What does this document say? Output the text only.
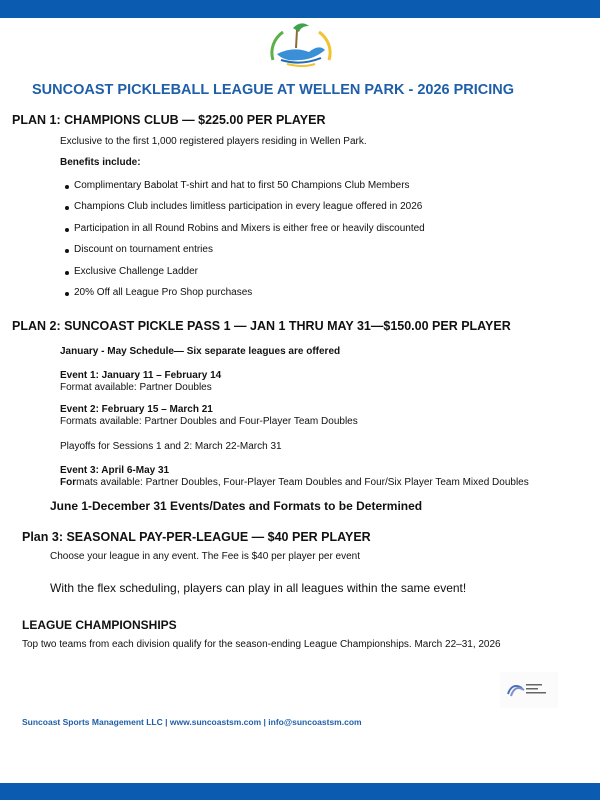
SUNCOAST PICKLEBALL LEAGUE AT WELLEN PARK - 2026 PRICING
PLAN 1: CHAMPIONS CLUB — $225.00 PER PLAYER
Exclusive to the first 1,000 registered players residing in Wellen Park.
Benefits include:
Complimentary Babolat T-shirt and hat to first 50 Champions Club Members
Champions Club includes limitless participation in every league offered in 2026
Participation in all Round Robins and Mixers is either free or heavily discounted
Discount on tournament entries
Exclusive Challenge Ladder
20% Off all League Pro Shop purchases
PLAN 2: SUNCOAST PICKLE PASS 1 — JAN 1 THRU MAY 31—$150.00 PER PLAYER
January - May Schedule— Six separate leagues are offered
Event 1: January 11 – February 14
Format available: Partner Doubles
Event 2: February 15 – March 21
Formats available: Partner Doubles and Four-Player Team Doubles
Playoffs for Sessions 1 and 2: March 22-March 31
Event 3: April 6-May 31
Formats available: Partner Doubles, Four-Player Team Doubles and Four/Six Player Team Mixed Doubles
June 1-December 31 Events/Dates and Formats to be Determined
Plan 3: SEASONAL PAY-PER-LEAGUE — $40 PER PLAYER
Choose your league in any event. The Fee is $40 per player per event
With the flex scheduling, players can play in all leagues within the same event!
LEAGUE CHAMPIONSHIPS
Top two teams from each division qualify for the season-ending League Championships. March 22–31, 2026
Suncoast Sports Management LLC | www.suncoastsm.com | info@suncoastsm.com
